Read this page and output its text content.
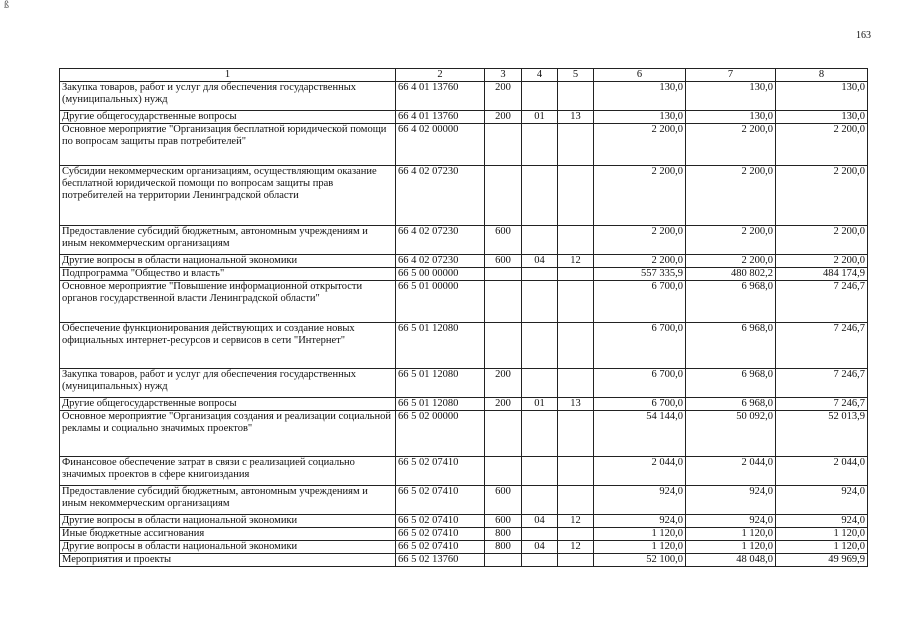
ß
163
1	2	3	4	5	6	7	8
Закупка товаров, работ и услуг для обеспечения государственных (муниципальных) нужд	66 4 01 13760	200			130,0	130,0	130,0
Другие общегосударственные вопросы	66 4 01 13760	200	01	13	130,0	130,0	130,0
Основное мероприятие "Организация бесплатной юридической помощи по вопросам защиты прав потребителей"	66 4 02 00000				2 200,0	2 200,0	2 200,0
Субсидии некоммерческим организациям, осуществляющим оказание бесплатной юридической помощи по вопросам защиты прав потребителей на территории Ленинградской области	66 4 02 07230				2 200,0	2 200,0	2 200,0
Предоставление субсидий бюджетным, автономным учреждениям и иным некоммерческим организациям	66 4 02 07230	600			2 200,0	2 200,0	2 200,0
Другие вопросы в области национальной экономики	66 4 02 07230	600	04	12	2 200,0	2 200,0	2 200,0
Подпрограмма "Общество и власть"	66 5 00 00000				557 335,9	480 802,2	484 174,9
Основное мероприятие "Повышение информационной открытости органов государственной власти Ленинградской области"	66 5 01 00000				6 700,0	6 968,0	7 246,7
Обеспечение функционирования действующих и создание новых официальных интернет-ресурсов и сервисов в сети "Интернет"	66 5 01 12080				6 700,0	6 968,0	7 246,7
Закупка товаров, работ и услуг для обеспечения государственных (муниципальных) нужд	66 5 01 12080	200			6 700,0	6 968,0	7 246,7
Другие общегосударственные вопросы	66 5 01 12080	200	01	13	6 700,0	6 968,0	7 246,7
Основное мероприятие "Организация создания и реализации социальной рекламы и социально значимых проектов"	66 5 02 00000				54 144,0	50 092,0	52 013,9
Финансовое обеспечение затрат в связи с реализацией социально значимых проектов в сфере книгоиздания	66 5 02 07410				2 044,0	2 044,0	2 044,0
Предоставление субсидий бюджетным, автономным учреждениям и иным некоммерческим организациям	66 5 02 07410	600			924,0	924,0	924,0
Другие вопросы в области национальной экономики	66 5 02 07410	600	04	12	924,0	924,0	924,0
Иные бюджетные ассигнования	66 5 02 07410	800			1 120,0	1 120,0	1 120,0
Другие вопросы в области национальной экономики	66 5 02 07410	800	04	12	1 120,0	1 120,0	1 120,0
Мероприятия и проекты	66 5 02 13760				52 100,0	48 048,0	49 969,9
